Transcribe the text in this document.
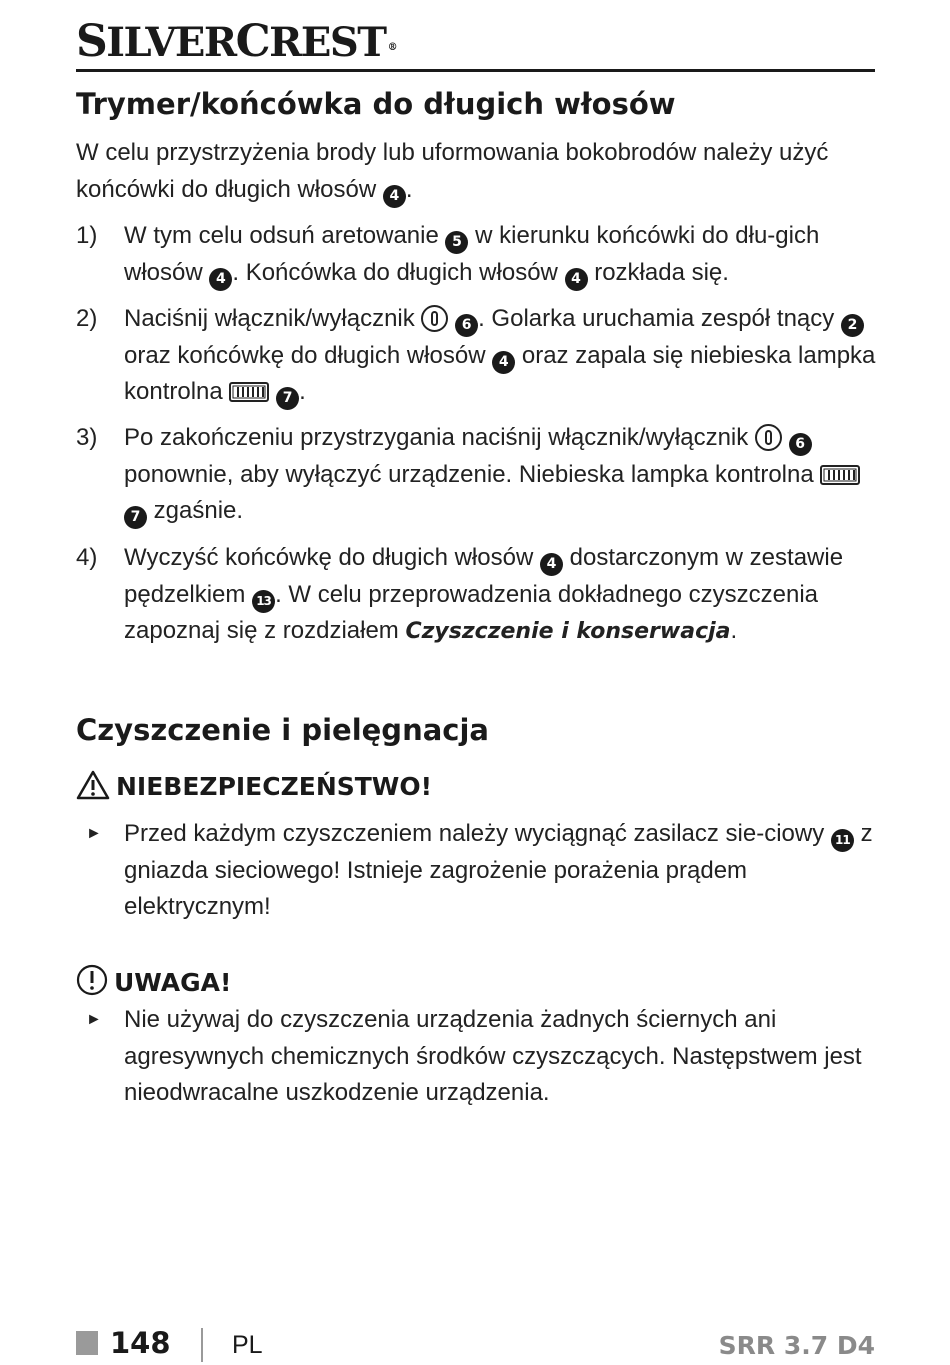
SILVERCREST ®
Trymer/końcówka do długich włosów

W celu przystrzyżenia brody lub uformowania bokobrodów należy użyć końcówki do długich włosów 4 .

1)	W tym celu odsuń aretowanie 5 w kierunku końcówki do dłu-gich włosów 4 . Końcówka do długich włosów 4 rozkłada się.
2)	Naciśnij włącznik/wyłącznik	6 . Golarka uruchamia zespół tnący 2 oraz końcówkę do długich włosów 4 oraz zapala się niebieska lampka kontrolna	7 .
3)	Po zakończeniu przystrzygania naciśnij włącznik/wyłącznik	6 ponownie, aby wyłączyć urządzenie. Niebieska lampka kontrolna  7 zgaśnie.
4)	Wyczyść końcówkę do długich włosów 4 dostarczonym w zestawie pędzelkiem 13 . W celu przeprowadzenia dokładnego czyszczenia zapoznaj się z rozdziałem Czyszczenie i konserwacja.
Czyszczenie i pielęgnacja
NIEBEZPIECZEŃSTWO!
► Przed każdym czyszczeniem należy wyciągnąć zasilacz sie-ciowy 11 z gniazda sieciowego! Istnieje zagrożenie porażenia prądem elektrycznym!
UWAGA!
► Nie używaj do czyszczenia urządzenia żadnych ściernych ani agresywnych chemicznych środków czyszczących. Następstwem jest nieodwracalne uszkodzenie urządzenia.
148 PL	SRR 3.7 D4
